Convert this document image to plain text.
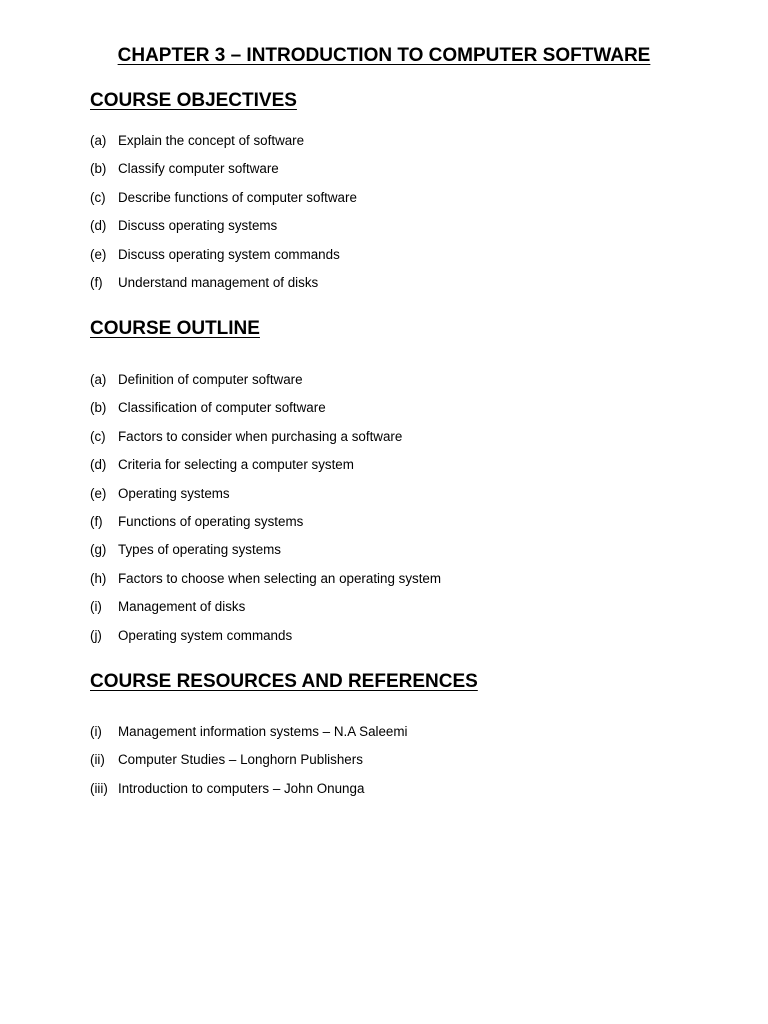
CHAPTER 3 – INTRODUCTION TO COMPUTER SOFTWARE
COURSE OBJECTIVES
(a) Explain the concept of software
(b) Classify computer software
(c) Describe functions of computer software
(d) Discuss operating systems
(e) Discuss operating system commands
(f) Understand management of disks
COURSE OUTLINE
(a) Definition of computer software
(b) Classification of computer software
(c) Factors to consider when purchasing a software
(d) Criteria for selecting a computer system
(e) Operating systems
(f) Functions of operating systems
(g) Types of operating systems
(h) Factors to choose when selecting an operating system
(i) Management of disks
(j) Operating system commands
COURSE RESOURCES AND REFERENCES
(i) Management information systems – N.A Saleemi
(ii) Computer Studies – Longhorn Publishers
(iii) Introduction to computers – John Onunga
